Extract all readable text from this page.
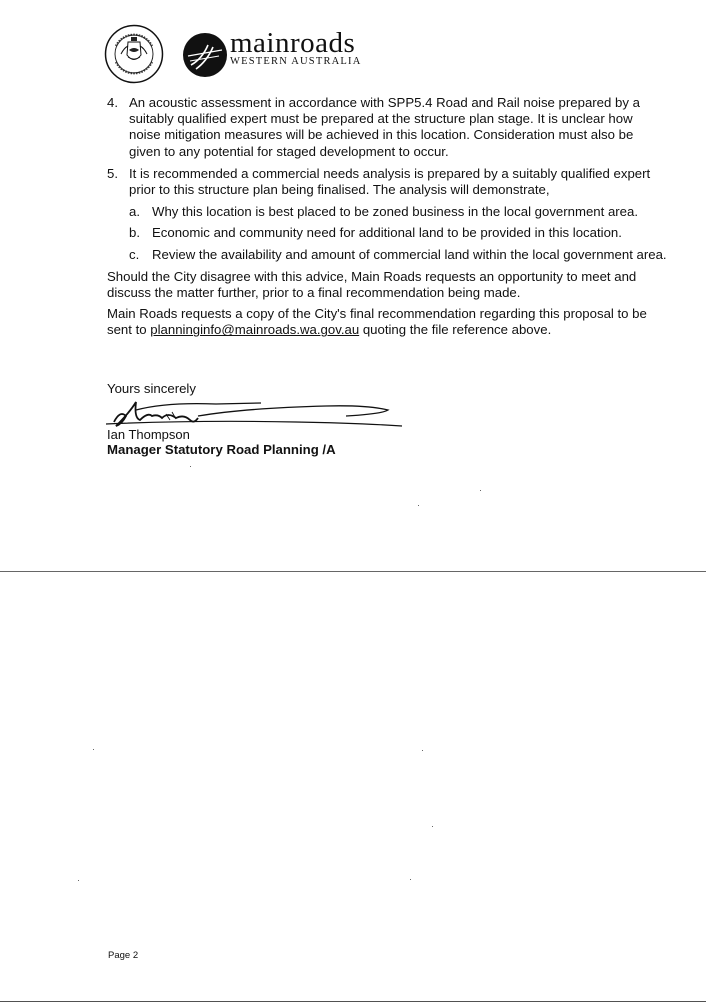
mainroads
WESTERN AUSTRALIA
4. An acoustic assessment in accordance with SPP5.4 Road and Rail noise prepared by a suitably qualified expert must be prepared at the structure plan stage. It is unclear how noise mitigation measures will be achieved in this location. Consideration must also be given to any potential for staged development to occur.
5. It is recommended a commercial needs analysis is prepared by a suitably qualified expert prior to this structure plan being finalised. The analysis will demonstrate,
a. Why this location is best placed to be zoned business in the local government area.
b. Economic and community need for additional land to be provided in this location.
c. Review the availability and amount of commercial land within the local government area.

Should the City disagree with this advice, Main Roads requests an opportunity to meet and discuss the matter further, prior to a final recommendation being made.

Main Roads requests a copy of the City's final recommendation regarding this proposal to be sent to planninginfo@mainroads.wa.gov.au quoting the file reference above.

Yours sincerely
Ian Thompson
Manager Statutory Road Planning /A
Page 2
